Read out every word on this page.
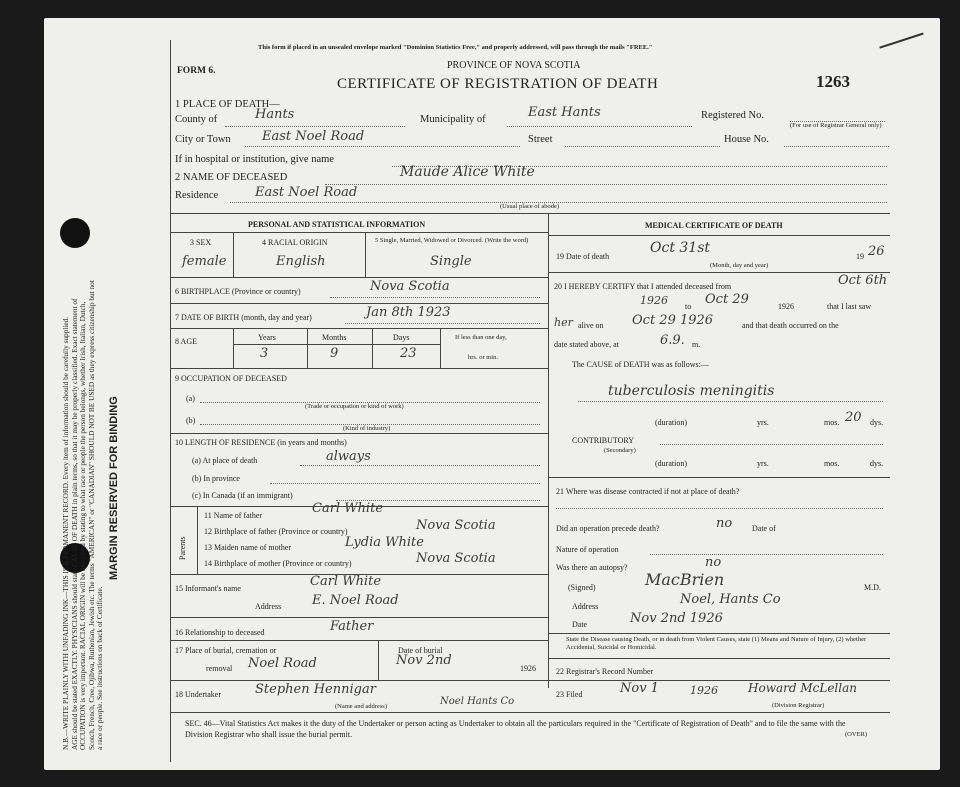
N.B.—WRITE PLAINLY WITH UNFADING INK—THIS IS A PERMANENT RECORD. Every item of information should be carefully supplied. AGE should be stated EXACTLY. PHYSICIANS should state CAUSE OF DEATH in plain terms, so that it may be properly classified. Exact statement of OCCUPATION is very important. RACIAL ORIGIN will be described by stating to what race or people the person belongs, whether Irish, Italian, Dutch, Scotch, French, Cree, Ojibwa, Ruthenian, Jewish etc. The terms "AMERICAN" or "CANADIAN" SHOULD NOT BE USED as they express citizenship but not a race or people. See instructions on back of Certificate.
MARGIN RESERVED FOR BINDING
This form if placed in an unsealed envelope marked "Dominion Statistics Free," and properly addressed, will pass through the mails "FREE."
FORM 6.	PROVINCE OF NOVA SCOTIA
CERTIFICATE OF REGISTRATION OF DEATH	1263
1 PLACE OF DEATH—
County of	Hants	Municipality of	East Hants	Registered No.
(For use of Registrar General only)
City or Town East Noel Road	Street	House No.
If in hospital or institution, give name
2 NAME OF DECEASED	Maude Alice White
Residence	East Noel Road
(Usual place of abode)
PERSONAL AND STATISTICAL INFORMATION
3 SEX	4 RACIAL ORIGIN	5 Single, Married, Widowed or Divorced. (Write the word)
female	English	Single
6 BIRTHPLACE (Province or country)	Nova Scotia
7 DATE OF BIRTH (month, day and year)	Jan 8th 1923
8 AGE	Years	Months	Days
3	9	23
If less than one day,
hrs. or min.
9 OCCUPATION OF DECEASED
(a)
(Trade or occupation or kind of work)
(b)
(Kind of industry)
10 LENGTH OF RESIDENCE (in years and months)
(a) At place of death	always
(b) In province
(c) In Canada (if an immigrant)
Parents
11 Name of father	Carl White
12 Birthplace of father (Province or country)	Nova Scotia
13 Maiden name of mother	Lydia White
14 Birthplace of mother (Province or country)	Nova Scotia
15 Informant's name	Carl White
Address E. Noel Road
16 Relationship to deceased	Father
17 Place of burial, cremation or	Date of burial
removal Noel Road	Nov 2nd
1926
18 Undertaker	Stephen Hennigar
(Name and address)	Noel Hants Co
MEDICAL CERTIFICATE OF DEATH
19 Date of death
Oct 31st
19 26
(Month, day and year)
20 I HEREBY CERTIFY that I attended deceased from	Oct 6th
1926 to Oct 29	1926	that I last saw
her alive on Oct 29 1926	and that death occurred on the
date stated above, at	6.9. m.
The CAUSE of DEATH was as follows:—
tuberculosis meningitis
(duration)	yrs.	mos. 20 dys.
CONTRIBUTORY
(Secondary)
(duration)	yrs.	mos.	dys.
21 Where was disease contracted if not at place of death?
Did an operation precede death?	no Date of
Nature of operation
Was there an autopsy?	no
(Signed)	MacBrien	M.D.
Address	Noel, Hants Co
Date	Nov 2nd 1926
State the Disease causing Death, or in death from Violent Causes, state (1) Means and Nature of Injury, (2) whether Accidental, Suicidal or Homicidal.
22 Registrar's Record Number
23 Filed	Nov 1	1926	Howard McLellan
(Division Registrar)
SEC. 46—Vital Statistics Act makes it the duty of the Undertaker or person acting as Undertaker to obtain all the particulars required in the "Certificate of Registration of Death" and to file the same with the Division Registrar who shall issue the burial permit.	(OVER)
